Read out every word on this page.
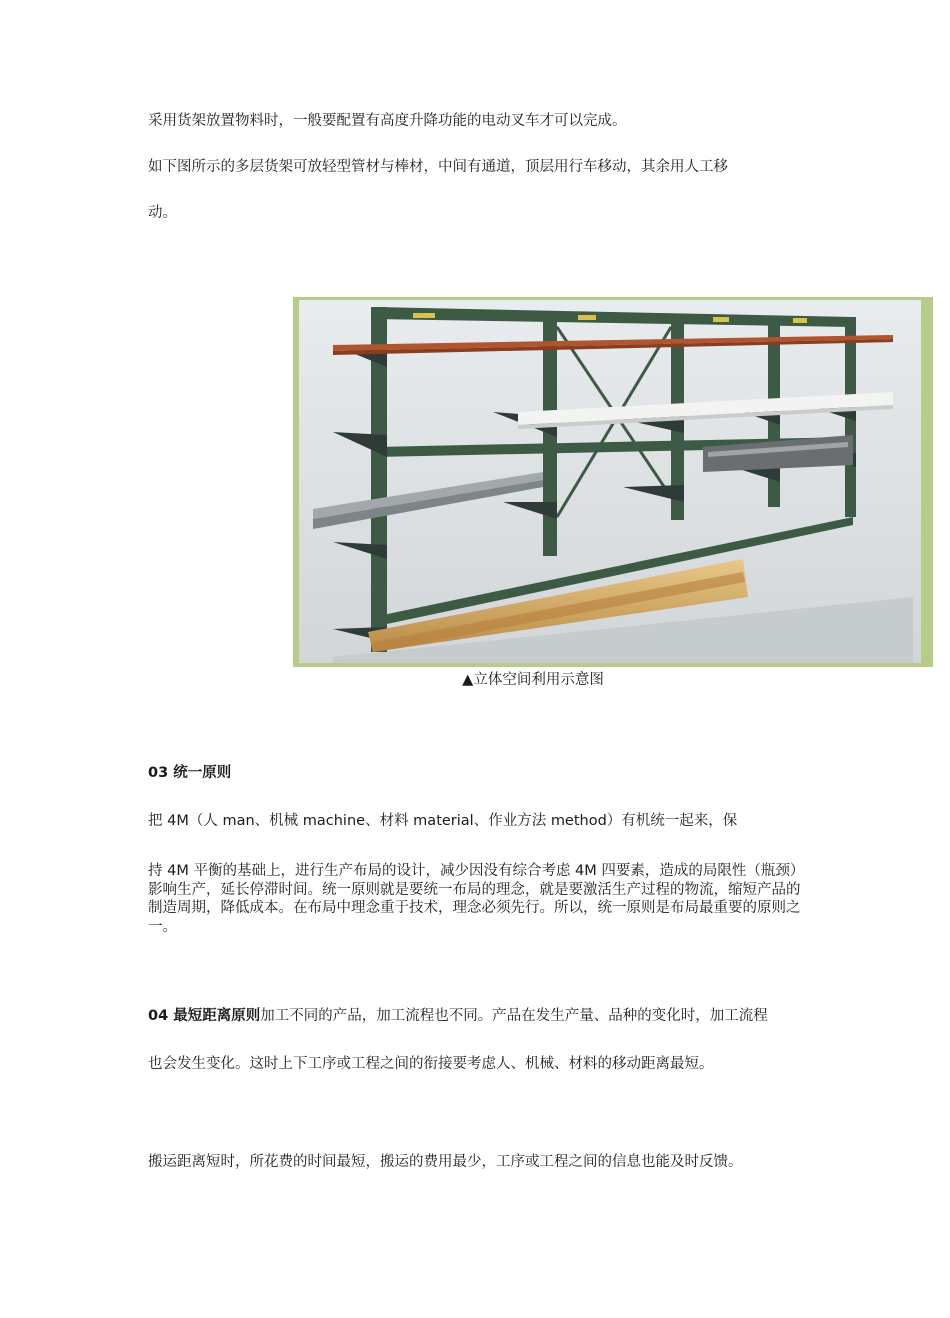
采用货架放置物料时，一般要配置有高度升降功能的电动叉车才可以完成。

如下图所示的多层货架可放轻型管材与棒材，中间有通道，顶层用行车移动，其余用人工移

动。

▲立体空间利用示意图

03 统一原则

把 4M（人 man、机械 machine、材料 material、作业方法 method）有机统一起来，保

持 4M 平衡的基础上，进行生产布局的设计，减少因没有综合考虑 4M 四要素，造成的局限性（瓶颈）影响生产，延长停滞时间。统一原则就是要统一布局的理念，就是要激活生产过程的物流，缩短产品的制造周期，降低成本。在布局中理念重于技术，理念必须先行。所以，统一原则是布局最重要的原则之一。

04 最短距离原则加工不同的产品，加工流程也不同。产品在发生产量、品种的变化时，加工流程

也会发生变化。这时上下工序或工程之间的衔接要考虑人、机械、材料的移动距离最短。

搬运距离短时，所花费的时间最短，搬运的费用最少，工序或工程之间的信息也能及时反馈。
